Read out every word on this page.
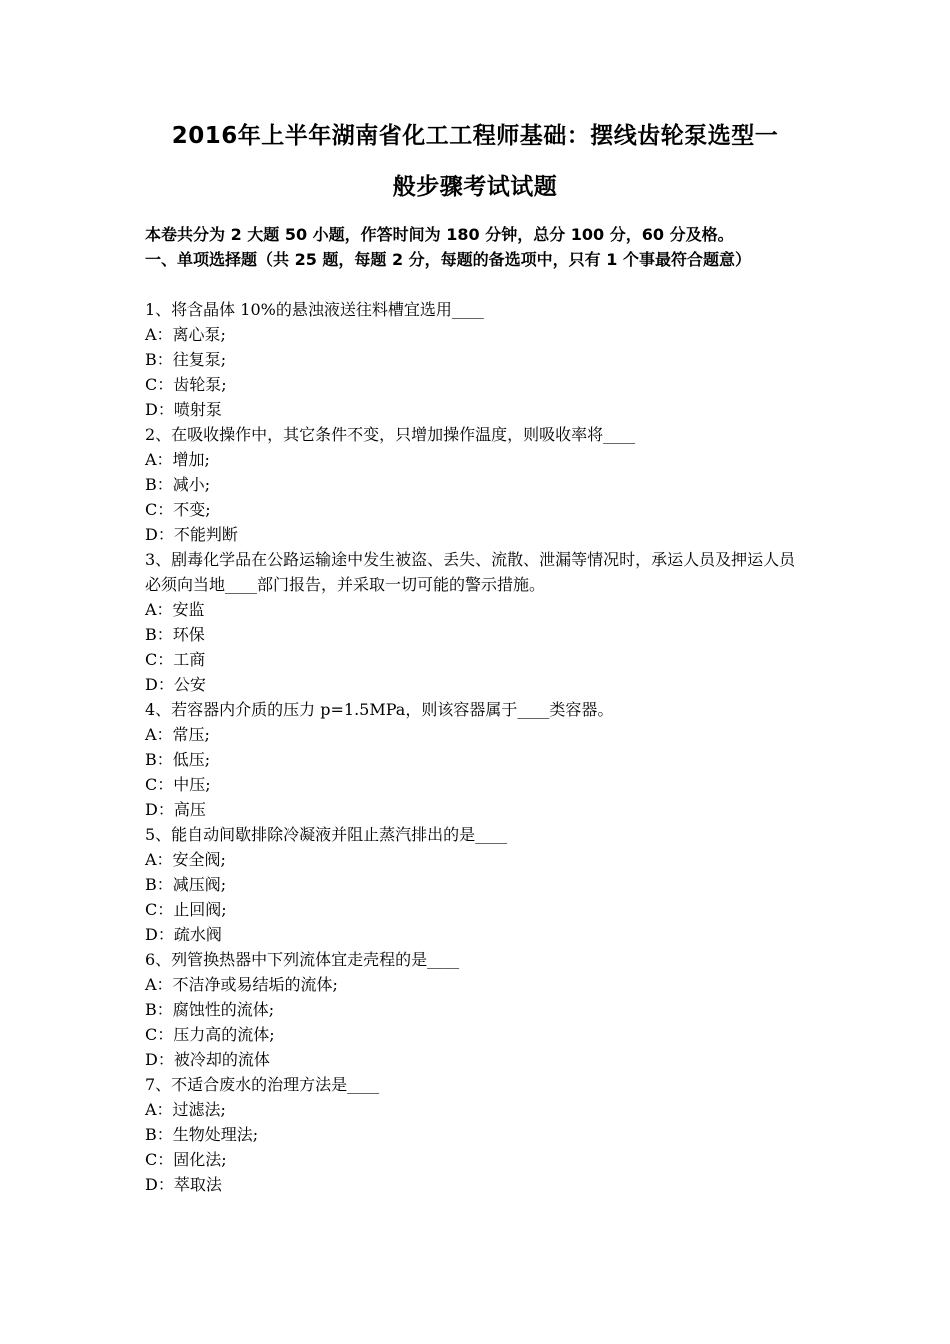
2016年上半年湖南省化工工程师基础：摆线齿轮泵选型一
般步骤考试试题
本卷共分为 2 大题 50 小题，作答时间为 180 分钟，总分 100 分，60 分及格。
一、单项选择题（共 25 题，每题 2 分，每题的备选项中，只有 1 个事最符合题意）
1、将含晶体 10%的悬浊液送往料槽宜选用____
A：离心泵;
B：往复泵;
C：齿轮泵;
D：喷射泵
2、在吸收操作中，其它条件不变，只增加操作温度，则吸收率将____
A：增加;
B：减小;
C：不变;
D：不能判断
3、剧毒化学品在公路运输途中发生被盗、丢失、流散、泄漏等情况时，承运人员及押运人员必须向当地____部门报告，并采取一切可能的警示措施。
A：安监
B：环保
C：工商
D：公安
4、若容器内介质的压力 p=1.5MPa，则该容器属于____类容器。
A：常压;
B：低压;
C：中压;
D：高压
5、能自动间歇排除冷凝液并阻止蒸汽排出的是____
A：安全阀;
B：减压阀;
C：止回阀;
D：疏水阀
6、列管换热器中下列流体宜走壳程的是____
A：不洁净或易结垢的流体;
B：腐蚀性的流体;
C：压力高的流体;
D：被冷却的流体
7、不适合废水的治理方法是____
A：过滤法;
B：生物处理法;
C：固化法;
D：萃取法
